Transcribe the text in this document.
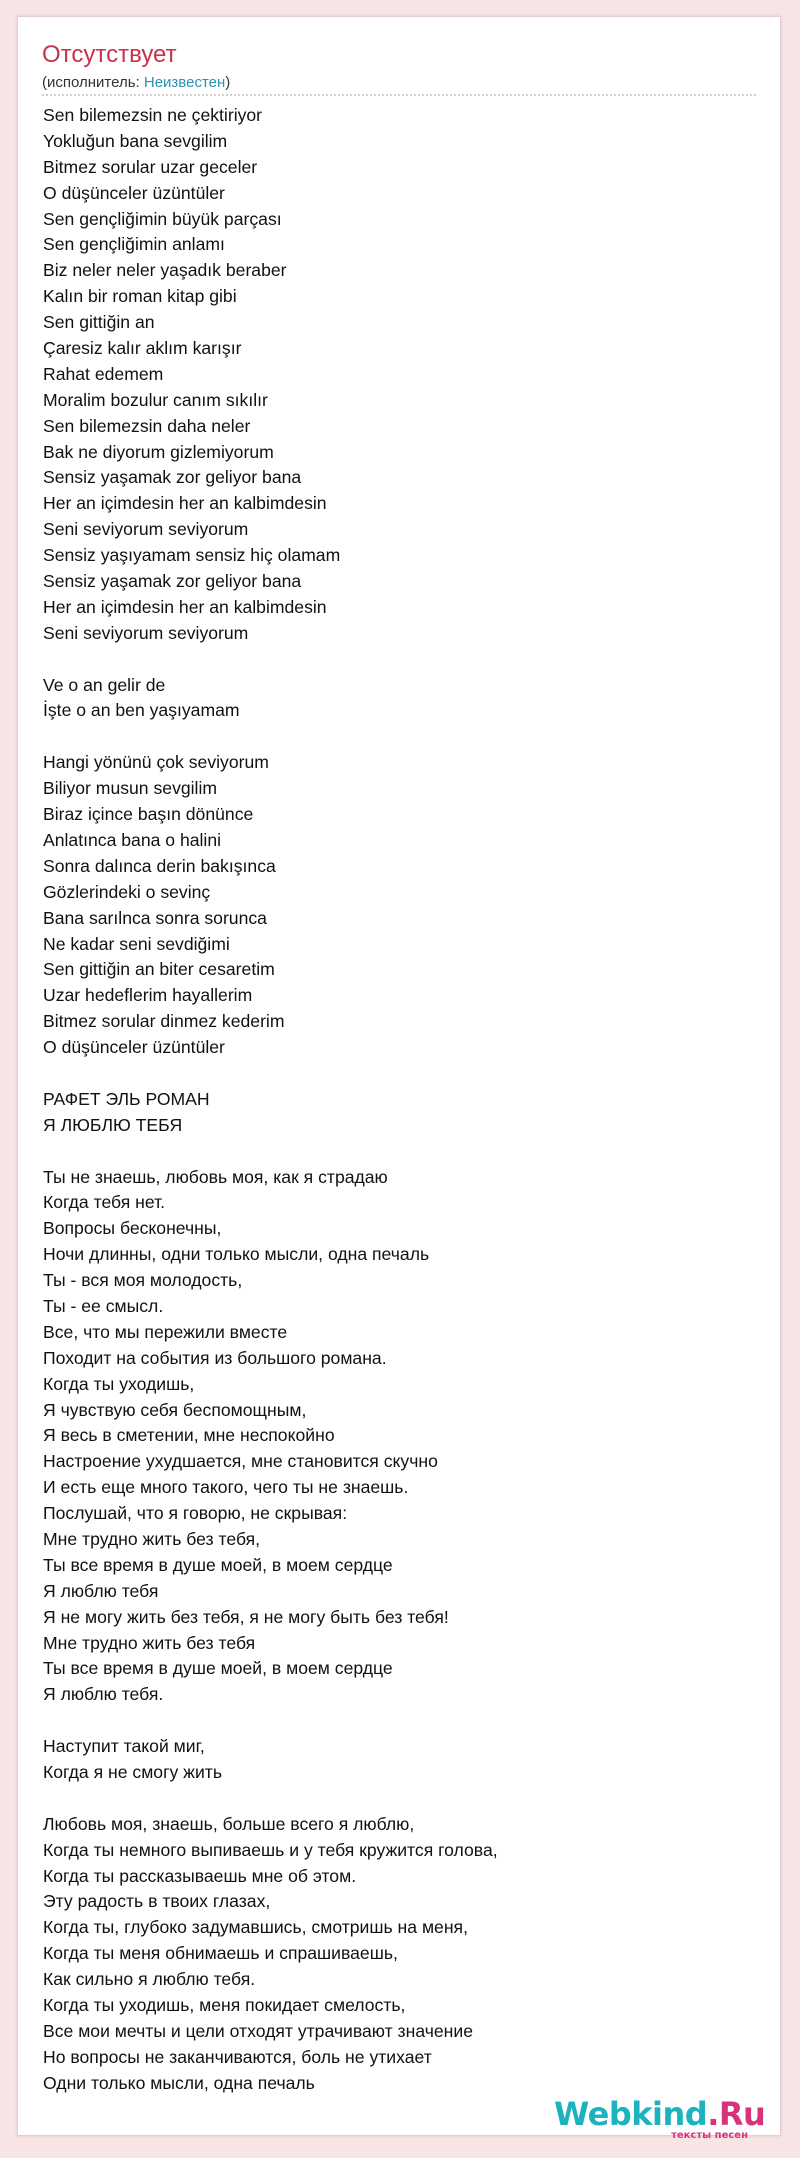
Отсутствует
(исполнитель: Неизвестен)
Sen bilemezsin ne çektiriyor
Yokluğun bana sevgilim
Bitmez sorular uzar geceler
O düşünceler üzüntüler
Sen gençliğimin büyük parçası
Sen gençliğimin anlamı
Biz neler neler yaşadık beraber
Kalın bir roman kitap gibi
Sen gittiğin an
Çaresiz kalır aklım karışır
Rahat edemem
Moralim bozulur canım sıkılır
Sen bilemezsin daha neler
Bak ne diyorum gizlemiyorum
Sensiz yaşamak zor geliyor bana
Her an içimdesin her an kalbimdesin
Seni seviyorum seviyorum
Sensiz yaşıyamam sensiz hiç olamam
Sensiz yaşamak zor geliyor bana
Her an içimdesin her an kalbimdesin
Seni seviyorum seviyorum
Ve o an gelir de
İşte o an ben yaşıyamam
Hangi yönünü çok seviyorum
Biliyor musun sevgilim
Biraz içince başın dönünce
Anlatınca bana o halini
Sonra dalınca derin bakışınca
Gözlerindeki o sevinç
Bana sarılnca sonra sorunca
Ne kadar seni sevdiğimi
Sen gittiğin an biter cesaretim
Uzar hedeflerim hayallerim
Bitmez sorular dinmez kederim
O düşünceler üzüntüler
РАФЕТ ЭЛЬ РОМАН
Я ЛЮБЛЮ ТЕБЯ
Ты не знаешь, любовь моя, как я страдаю
Когда тебя нет.
Вопросы бесконечны,
Ночи длинны, одни только мысли, одна печаль
Ты - вся моя молодость,
Ты - ее смысл.
Все, что мы пережили вместе
Походит на события из большого романа.
Когда ты уходишь,
Я чувствую себя беспомощным,
Я весь в сметении, мне неспокойно
Настроение ухудшается, мне становится скучно
И есть еще много такого, чего ты не знаешь.
Послушай, что я говорю, не скрывая:
Мне трудно жить без тебя,
Ты все время в душе моей, в моем сердце
Я люблю тебя
Я не могу жить без тебя, я не могу быть без тебя!
Мне трудно жить без тебя
Ты все время в душе моей, в моем сердце
Я люблю тебя.
Наступит такой миг,
Когда я не смогу жить
Любовь моя, знаешь, больше всего я люблю,
Когда ты немного выпиваешь и у тебя кружится голова,
Когда ты рассказываешь мне об этом.
Эту радость в твоих глазах,
Когда ты, глубоко задумавшись, смотришь на меня,
Когда ты меня обнимаешь и спрашиваешь,
Как сильно я люблю тебя.
Когда ты уходишь, меня покидает смелость,
Все мои мечты и цели отходят утрачивают значение
Но вопросы не заканчиваются, боль не утихает
Одни только мысли, одна печаль
Webkind.Ru
тексты песен
